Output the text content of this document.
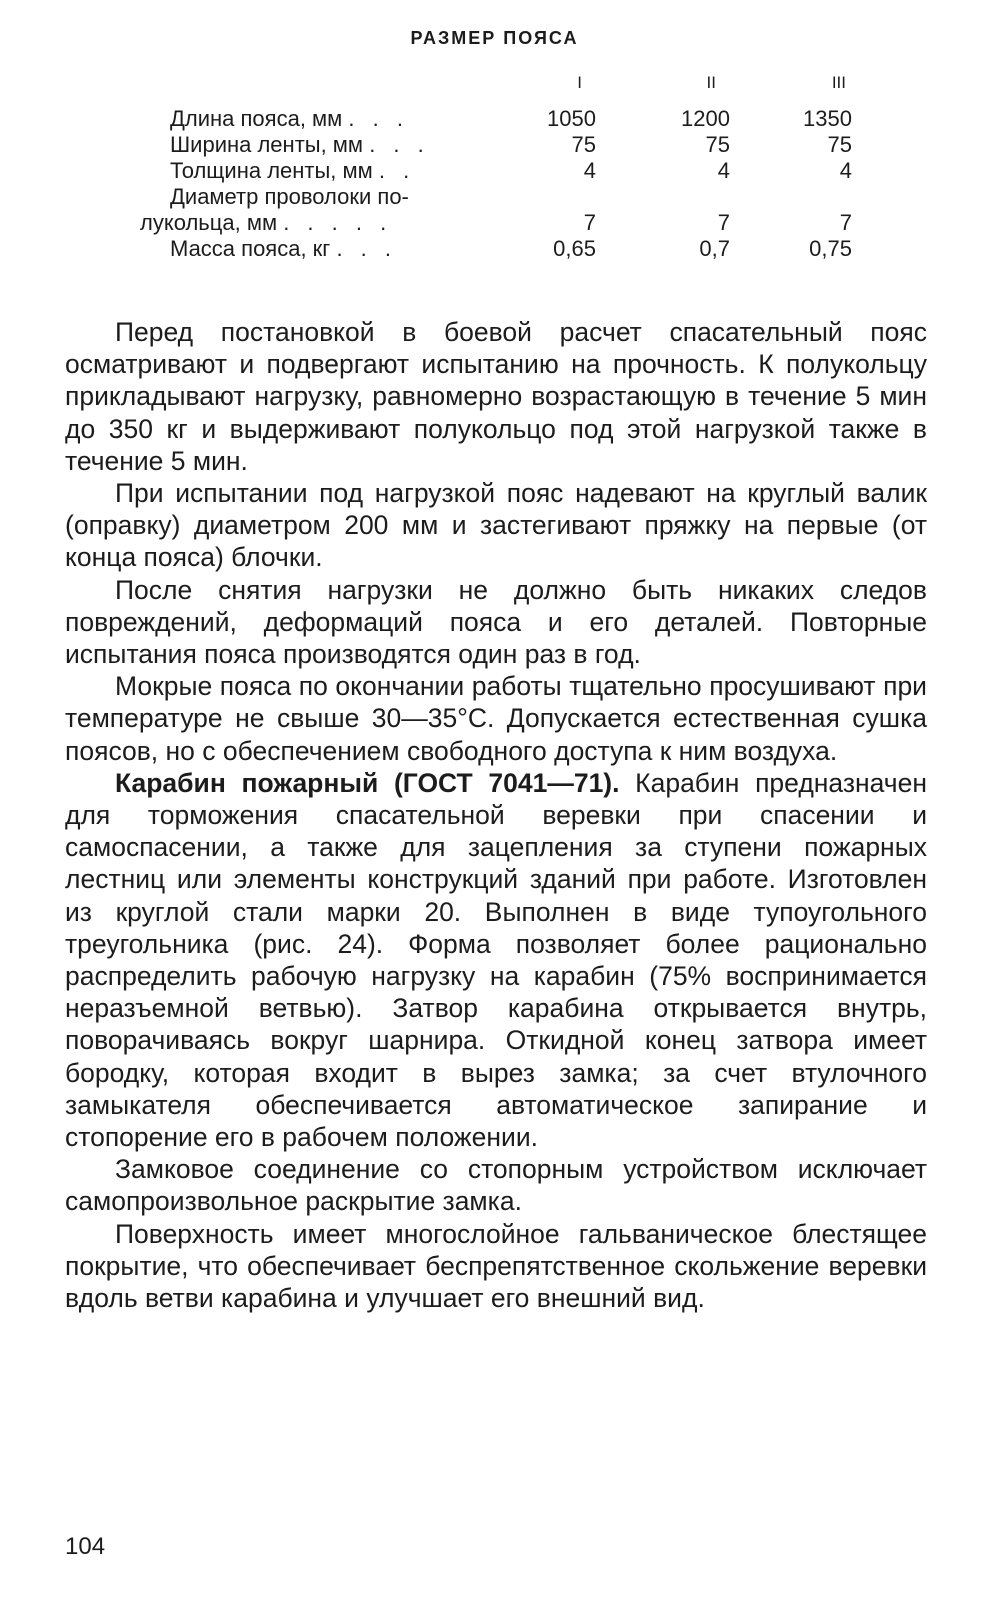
РАЗМЕР ПОЯСА
	I	II	III
Длина пояса, мм . . .	1050	1200	1350
Ширина ленты, мм . . .	75	75	75
Толщина ленты, мм . .	4	4	4
Диаметр проволоки по-
лукольца, мм . . . . .	7	7	7
Масса пояса, кг . . .	0,65	0,7	0,75

Перед постановкой в боевой расчет спасательный пояс осматривают и подвергают испытанию на прочность. К полукольцу прикладывают нагрузку, равномерно возрастающую в течение 5 мин до 350 кг и выдерживают полукольцо под этой нагрузкой также в течение 5 мин.

При испытании под нагрузкой пояс надевают на круглый валик (оправку) диаметром 200 мм и застегивают пряжку на первые (от конца пояса) блочки.

После снятия нагрузки не должно быть никаких следов повреждений, деформаций пояса и его деталей. Повторные испытания пояса производятся один раз в год.

Мокрые пояса по окончании работы тщательно просушивают при температуре не свыше 30—35°С. Допускается естественная сушка поясов, но с обеспечением свободного доступа к ним воздуха.

Карабин пожарный (ГОСТ 7041—71). Карабин предназначен для торможения спасательной веревки при спасении и самоспасении, а также для зацепления за ступени пожарных лестниц или элементы конструкций зданий при работе. Изготовлен из круглой стали марки 20. Выполнен в виде тупоугольного треугольника (рис. 24). Форма позволяет более рационально распределить рабочую нагрузку на карабин (75% воспринимается неразъемной ветвью). Затвор карабина открывается внутрь, поворачиваясь вокруг шарнира. Откидной конец затвора имеет бородку, которая входит в вырез замка; за счет втулочного замыкателя обеспечивается автоматическое запирание и стопорение его в рабочем положении.

Замковое соединение со стопорным устройством исключает самопроизвольное раскрытие замка.

Поверхность имеет многослойное гальваническое блестящее покрытие, что обеспечивает беспрепятственное скольжение веревки вдоль ветви карабина и улучшает его внешний вид.

104
